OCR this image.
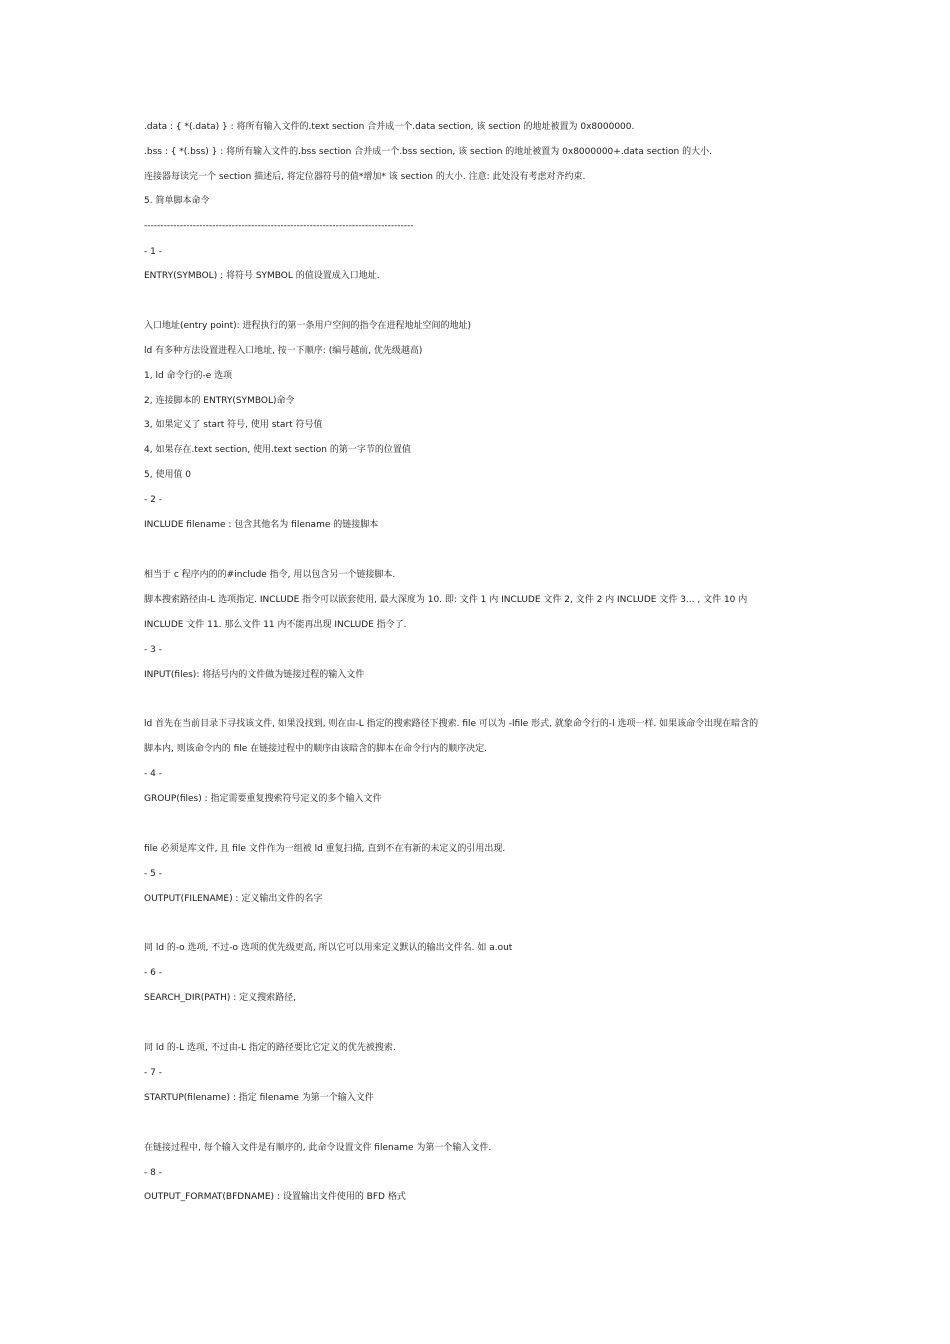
.data : { *(.data) } : 将所有输入文件的.text section 合并成一个.data section, 该 section 的地址被置为 0x8000000.
.bss : { *(.bss) } : 将所有输入文件的.bss section 合并成一个.bss section, 该 section 的地址被置为 0x8000000+.data section 的大小.
连接器每读完一个 section 描述后, 将定位器符号的值*增加* 该 section 的大小. 注意: 此处没有考虑对齐约束.
5. 简单脚本命令
-----------------------------------------------------------------------------------
- 1 -
ENTRY(SYMBOL) : 将符号 SYMBOL 的值设置成入口地址.
入口地址(entry point): 进程执行的第一条用户空间的指令在进程地址空间的地址)
ld 有多种方法设置进程入口地址, 按一下顺序: (编号越前, 优先级越高)
1, ld 命令行的-e 选项
2, 连接脚本的 ENTRY(SYMBOL)命令
3, 如果定义了 start 符号, 使用 start 符号值
4, 如果存在.text section, 使用.text section 的第一字节的位置值
5, 使用值 0
- 2 -
INCLUDE filename : 包含其他名为 filename 的链接脚本
相当于 c 程序内的的#include 指令, 用以包含另一个链接脚本.
脚本搜索路径由-L 选项指定. INCLUDE 指令可以嵌套使用, 最大深度为 10. 即: 文件 1 内 INCLUDE 文件 2, 文件 2 内 INCLUDE 文件 3... , 文件 10 内
INCLUDE 文件 11. 那么文件 11 内不能再出现 INCLUDE 指令了.
- 3 -
INPUT(files): 将括号内的文件做为链接过程的输入文件
ld 首先在当前目录下寻找该文件, 如果没找到, 则在由-L 指定的搜索路径下搜索. file 可以为 -lfile 形式, 就象命令行的-l 选项一样. 如果该命令出现在暗含的
脚本内, 则该命令内的 file 在链接过程中的顺序由该暗含的脚本在命令行内的顺序决定.
- 4 -
GROUP(files) : 指定需要重复搜索符号定义的多个输入文件
file 必须是库文件, 且 file 文件作为一组被 ld 重复扫描, 直到不在有新的未定义的引用出现.
- 5 -
OUTPUT(FILENAME) : 定义输出文件的名字
同 ld 的-o 选项, 不过-o 选项的优先级更高, 所以它可以用来定义默认的输出文件名. 如 a.out
- 6 -
SEARCH_DIR(PATH) : 定义搜索路径,
同 ld 的-L 选项, 不过由-L 指定的路径要比它定义的优先被搜索.
- 7 -
STARTUP(filename) : 指定 filename 为第一个输入文件
在链接过程中, 每个输入文件是有顺序的, 此命令设置文件 filename 为第一个输入文件.
- 8 -
OUTPUT_FORMAT(BFDNAME) : 设置输出文件使用的 BFD 格式
